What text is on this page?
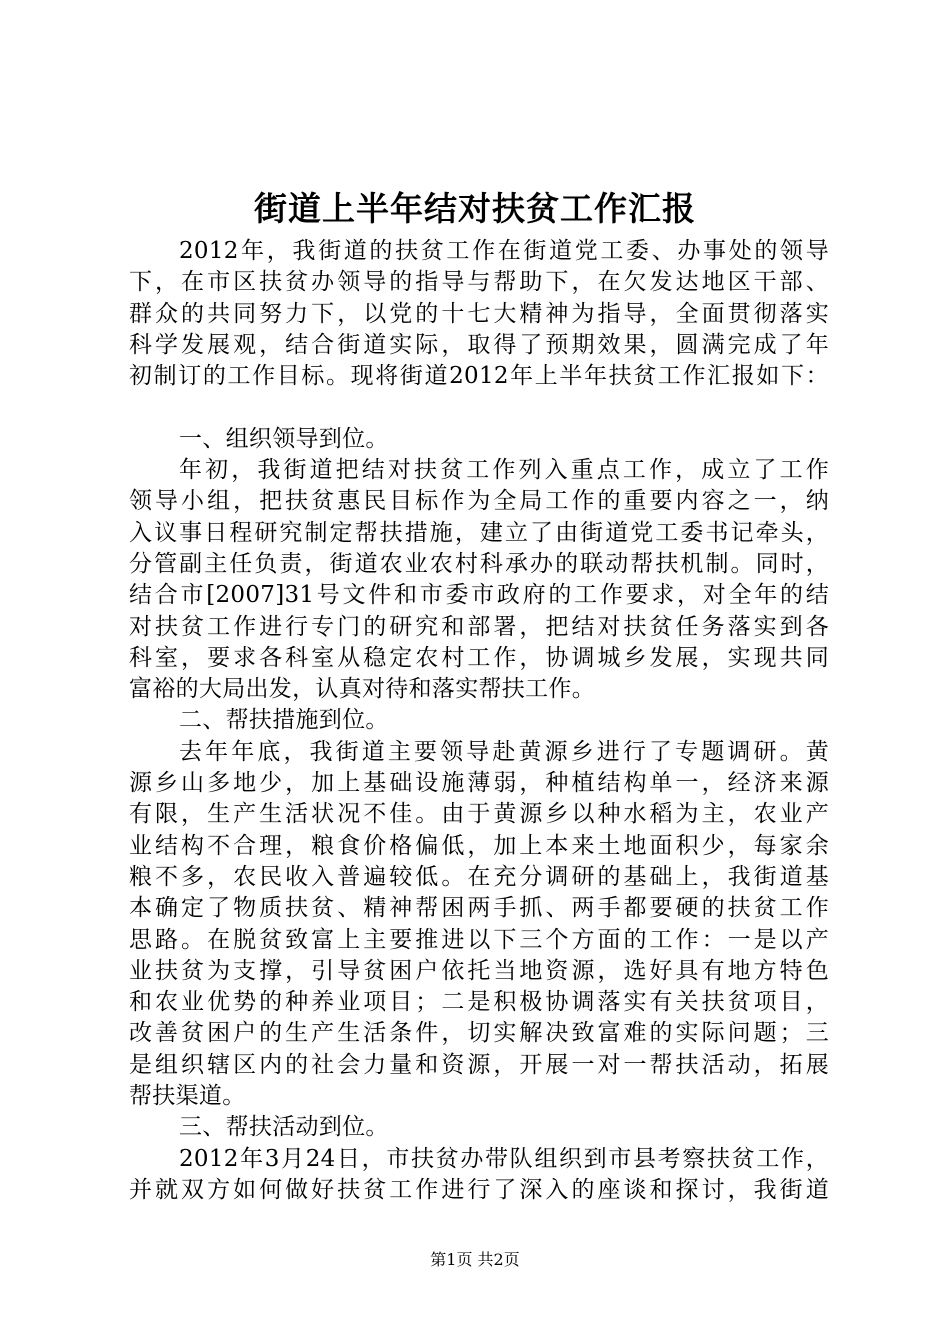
街道上半年结对扶贫工作汇报
2012年，我街道的扶贫工作在街道党工委、办事处的领导
下，在市区扶贫办领导的指导与帮助下，在欠发达地区干部、
群众的共同努力下，以党的十七大精神为指导，全面贯彻落实
科学发展观，结合街道实际，取得了预期效果，圆满完成了年
初制订的工作目标。现将街道2012年上半年扶贫工作汇报如下：
一、组织领导到位。
年初，我街道把结对扶贫工作列入重点工作，成立了工作
领导小组，把扶贫惠民目标作为全局工作的重要内容之一，纳
入议事日程研究制定帮扶措施，建立了由街道党工委书记牵头，
分管副主任负责，街道农业农村科承办的联动帮扶机制。同时，
结合市[2007]31号文件和市委市政府的工作要求，对全年的结
对扶贫工作进行专门的研究和部署，把结对扶贫任务落实到各
科室，要求各科室从稳定农村工作，协调城乡发展，实现共同
富裕的大局出发，认真对待和落实帮扶工作。
二、帮扶措施到位。
去年年底，我街道主要领导赴黄源乡进行了专题调研。黄
源乡山多地少，加上基础设施薄弱，种植结构单一，经济来源
有限，生产生活状况不佳。由于黄源乡以种水稻为主，农业产
业结构不合理，粮食价格偏低，加上本来土地面积少，每家余
粮不多，农民收入普遍较低。在充分调研的基础上，我街道基
本确定了物质扶贫、精神帮困两手抓、两手都要硬的扶贫工作
思路。在脱贫致富上主要推进以下三个方面的工作：一是以产
业扶贫为支撑，引导贫困户依托当地资源，选好具有地方特色
和农业优势的种养业项目；二是积极协调落实有关扶贫项目，
改善贫困户的生产生活条件，切实解决致富难的实际问题；三
是组织辖区内的社会力量和资源，开展一对一帮扶活动，拓展
帮扶渠道。
三、帮扶活动到位。
2012年3月24日，市扶贫办带队组织到市县考察扶贫工作，
并就双方如何做好扶贫工作进行了深入的座谈和探讨，我街道
第1页 共2页
